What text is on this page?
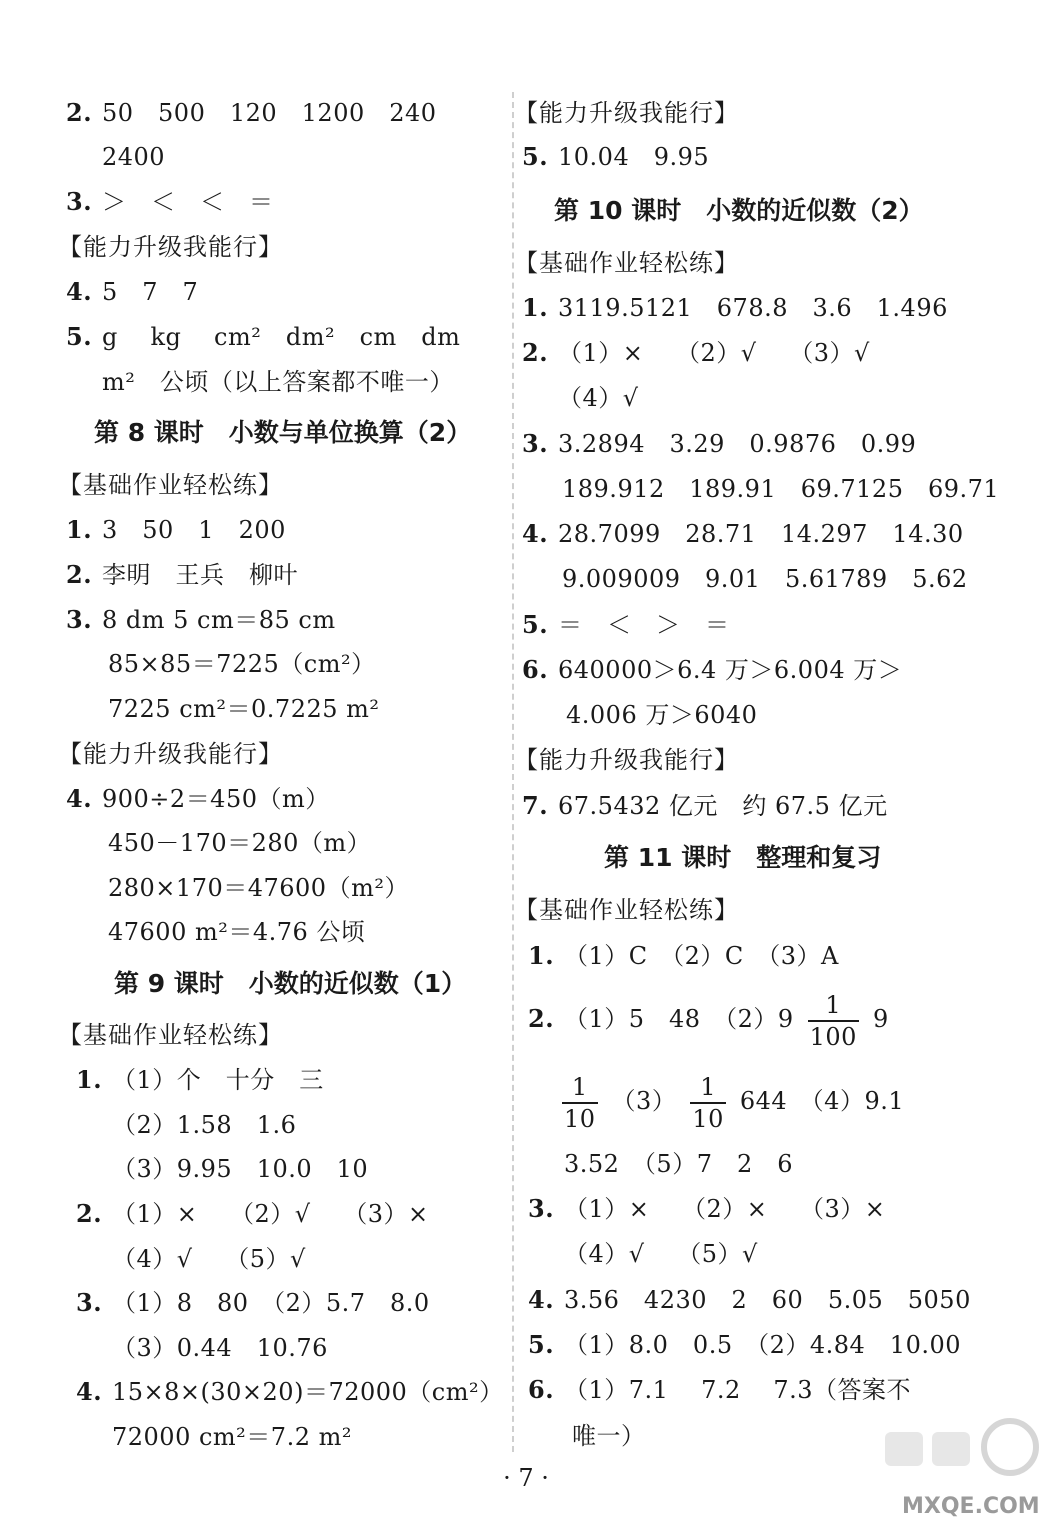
2. 50　500　120　1200　240
2400
3. ＞　＜　＜　＝
【能力升级我能行】
4. 5　7　7
5. g　 kg　 cm²　dm²　cm　dm
m²　公顷（以上答案都不唯一）
第 8 课时　小数与单位换算（2）
【基础作业轻松练】
1. 3　50　1　200
2. 李明　王兵　柳叶
3. 8 dm 5 cm＝85 cm
85×85＝7225（cm²）
7225 cm²＝0.7225 m²
【能力升级我能行】
4. 900÷2＝450（m）
450－170＝280（m）
280×170＝47600（m²）
47600 m²＝4.76 公顷
第 9 课时　小数的近似数（1）
【基础作业轻松练】
1. （1）个　十分　三
（2）1.58　1.6
（3）9.95　10.0　10
2. （1）×　 （2）√　 （3）×
（4）√　 （5）√
3. （1）8　80　（2）5.7　8.0
（3）0.44　10.76
4. 15×8×(30×20)＝72000（cm²）
72000 cm²＝7.2 m²
【能力升级我能行】
5. 10.04　9.95
第 10 课时　小数的近似数（2）
【基础作业轻松练】
1. 3119.5121　678.8　3.6　1.496
2. （1）×　 （2）√　 （3）√
（4）√
3. 3.2894　3.29　0.9876　0.99
189.912　189.91　69.7125　69.71
4. 28.7099　28.71　14.297　14.30
9.009009　9.01　5.61789　5.62
5. ＝　＜　＞　＝
6. 640000＞6.4 万＞6.004 万＞
4.006 万＞6040
【能力升级我能行】
7. 67.5432 亿元　约 67.5 亿元
第 11 课时　整理和复习
【基础作业轻松练】
1. （1）C　（2）C　（3）A
2. （1）5　48　$(2)9 \frac{1}{100} 9$
$\frac{1}{10} (3) \frac{1}{10} 644$　（4）9.1
3.52　（5）7　2　6
3. （1）×　 （2）×　 （3）×
（4）√　 （5）√
4. 3.56　4230　2　60　5.05　5050
5. （1）8.0　0.5　（2）4.84　10.00
6. （1）7.1　 7.2　 7.3（答案不
唯一）
· 7 ·
MXQE.COM
